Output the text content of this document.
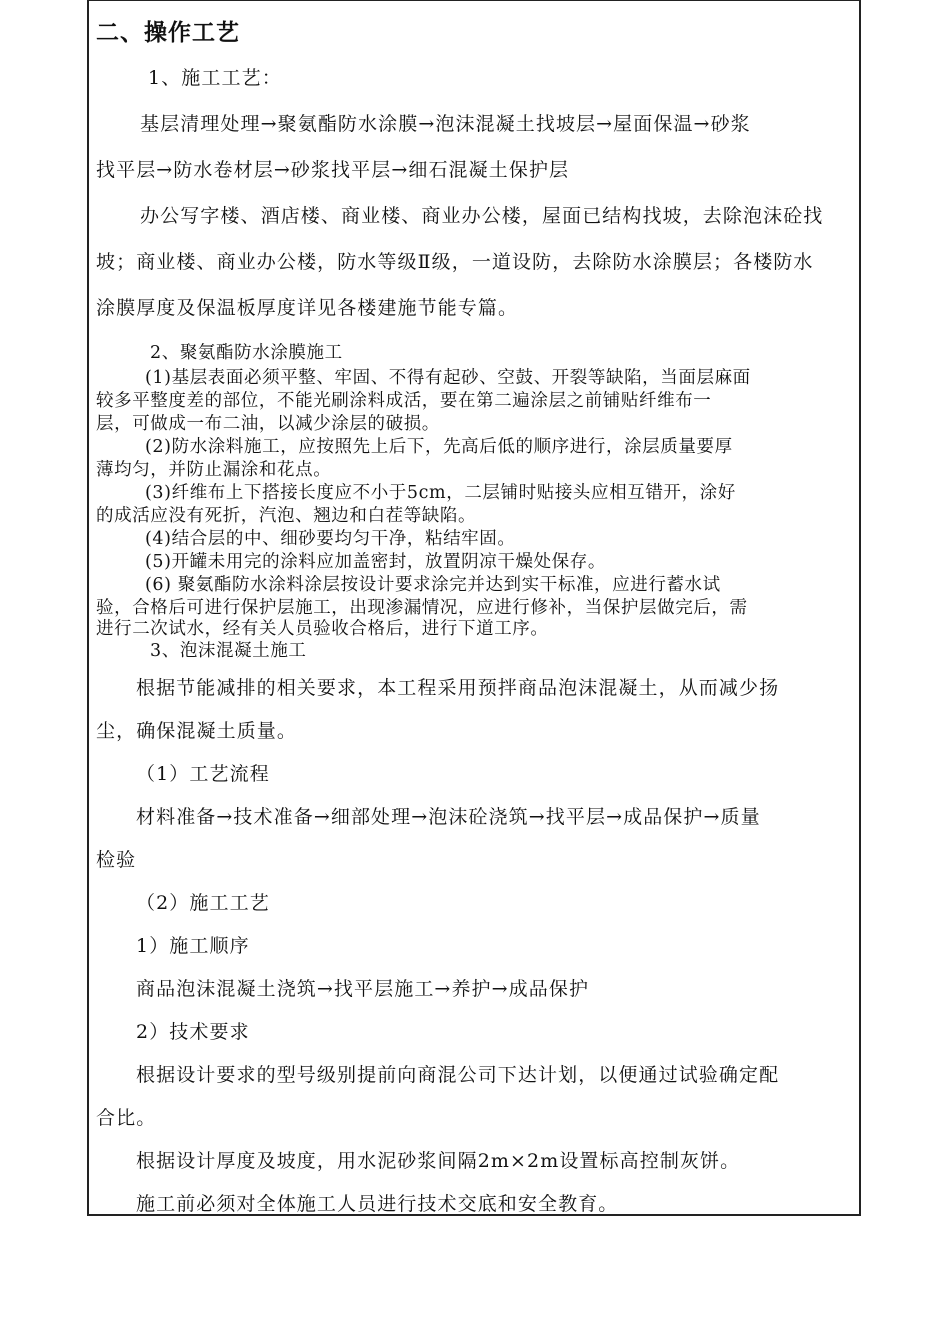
二、操作工艺
1、施工工艺：
基层清理处理→聚氨酯防水涂膜→泡沫混凝土找坡层→屋面保温→砂浆
找平层→防水卷材层→砂浆找平层→细石混凝土保护层
办公写字楼、酒店楼、商业楼、商业办公楼，屋面已结构找坡，去除泡沫砼找
坡；商业楼、商业办公楼，防水等级Ⅱ级，一道设防，去除防水涂膜层；各楼防水
涂膜厚度及保温板厚度详见各楼建施节能专篇。
2、聚氨酯防水涂膜施工
(1)基层表面必须平整、牢固、不得有起砂、空鼓、开裂等缺陷，当面层麻面
较多平整度差的部位，不能光刷涂料成活，要在第二遍涂层之前铺贴纤维布一
层，可做成一布二油，以减少涂层的破损。
(2)防水涂料施工，应按照先上后下，先高后低的顺序进行，涂层质量要厚
薄均匀，并防止漏涂和花点。
(3)纤维布上下搭接长度应不小于5cm，二层铺时贴接头应相互错开，涂好
的成活应没有死折，汽泡、翘边和白茬等缺陷。
(4)结合层的中、细砂要均匀干净，粘结牢固。
(5)开罐未用完的涂料应加盖密封，放置阴凉干燥处保存。
(6) 聚氨酯防水涂料涂层按设计要求涂完并达到实干标准，应进行蓄水试
验，合格后可进行保护层施工，出现渗漏情况，应进行修补，当保护层做完后，需
进行二次试水，经有关人员验收合格后，进行下道工序。
3、泡沫混凝土施工
根据节能减排的相关要求，本工程采用预拌商品泡沫混凝土，从而减少扬
尘，确保混凝土质量。
（1）工艺流程
材料准备→技术准备→细部处理→泡沫砼浇筑→找平层→成品保护→质量
检验
（2）施工工艺
1）施工顺序
商品泡沫混凝土浇筑→找平层施工→养护→成品保护
2）技术要求
根据设计要求的型号级别提前向商混公司下达计划，以便通过试验确定配
合比。
根据设计厚度及坡度，用水泥砂浆间隔2m×2m设置标高控制灰饼。
施工前必须对全体施工人员进行技术交底和安全教育。
